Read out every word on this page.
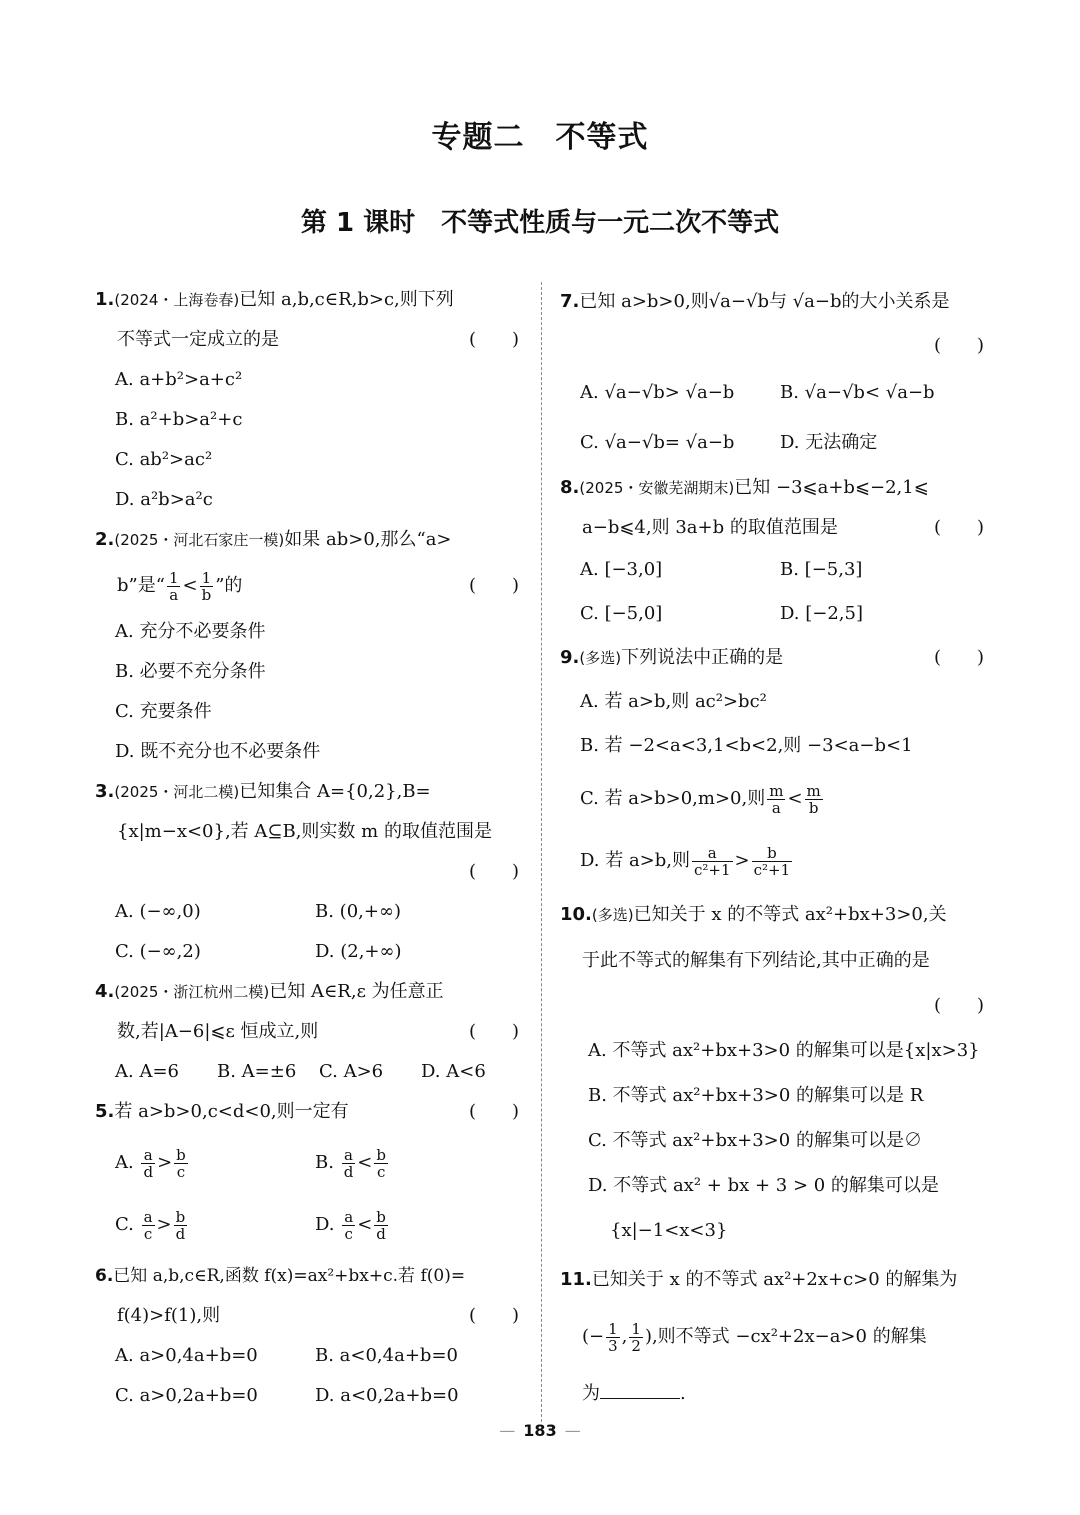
专题二　不等式
第 1 课时　不等式性质与一元二次不等式
1.(2024・上海卷春)已知 a,b,c∈R,b>c,则下列
不等式一定成立的是	(　　)
A. a+b²>a+c²
B. a²+b>a²+c
C. ab²>ac²
D. a²b>a²c
2.(2025・河北石家庄一模)如果 ab>0,那么“a>
b”是“ $\frac{1}{a} < \frac{1}{b}$ ”的	(　　)
A. 充分不必要条件
B. 必要不充分条件
C. 充要条件
D. 既不充分也不必要条件
3.(2025・河北二模)已知集合 A={0,2},B=
{x|m−x<0},若 A⊆B,则实数 m 的取值范围是
(　　)
A. (−∞,0)	B. (0,+∞)
C. (−∞,2)	D. (2,+∞)
4.(2025・浙江杭州二模)已知 A∈R,ε 为任意正
数,若|A−6|⩽ε 恒成立,则	(　　)
A. A=6	B. A=±6	C. A>6	D. A<6
5.若 a>b>0,c<d<0,则一定有	(　　)
A. $\frac{a}{d} > \frac{b}{c}$	B. $\frac{a}{d} < \frac{b}{c}$
C. $\frac{a}{c} > \frac{b}{d}$	D. $\frac{a}{c} < \frac{b}{d}$
6.已知 a,b,c∈R,函数 f(x)=ax²+bx+c.若 f(0)=
f(4)>f(1),则	(　　)
A. a>0,4a+b=0	B. a<0,4a+b=0
C. a>0,2a+b=0	D. a<0,2a+b=0
7.已知 a>b>0,则√a−√b与 √a−b的大小关系是
(　　)
A. √a−√b> √a−b	B. √a−√b< √a−b
C. √a−√b= √a−b	D. 无法确定
8.(2025・安徽芜湖期末)已知 −3⩽a+b⩽−2,1⩽
a−b⩽4,则 3a+b 的取值范围是	(　　)
A. [−3,0]	B. [−5,3]
C. [−5,0]	D. [−2,5]
9.(多选)下列说法中正确的是	(　　)
A. 若 a>b,则 ac²>bc²
B. 若 −2<a<3,1<b<2,则 −3<a−b<1
C. 若 a>b>0,m>0,则 $\frac{m}{a} < \frac{m}{b}$
D. 若 a>b,则 $\frac{a}{\text{c²+1}} > \frac{b}{\text{c²+1}}$
10.(多选)已知关于 x 的不等式 ax²+bx+3>0,关
于此不等式的解集有下列结论,其中正确的是
(　　)
A. 不等式 ax²+bx+3>0 的解集可以是{x|x>3}
B. 不等式 ax²+bx+3>0 的解集可以是 R
C. 不等式 ax²+bx+3>0 的解集可以是∅
D. 不等式 ax² + bx + 3 > 0 的解集可以是
{x|−1<x<3}
11.已知关于 x 的不等式 ax²+2x+c>0 的解集为
(− $\frac{1}{3}$ , $\frac{1}{2}$ ),则不等式 −cx²+2x−a>0 的解集
为	.
— 183 —
